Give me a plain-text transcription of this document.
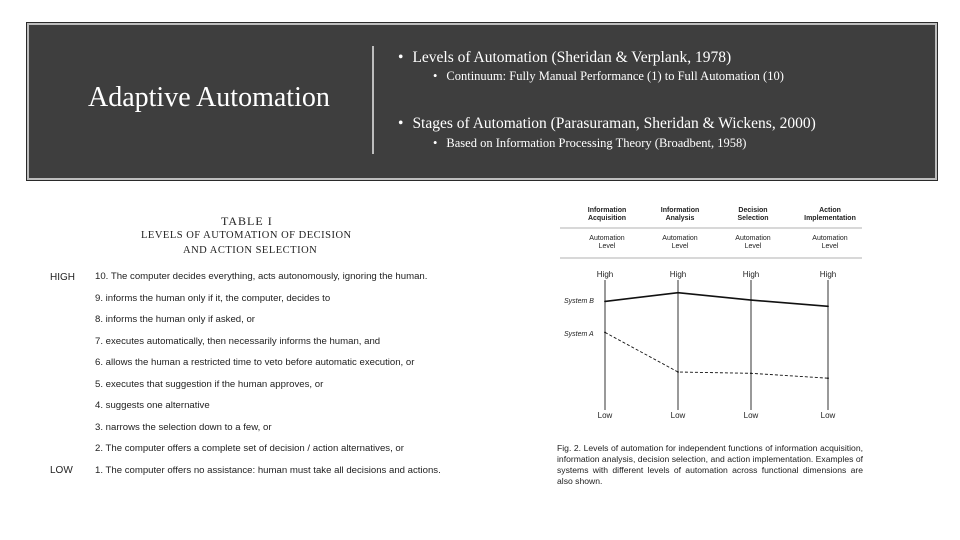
Adaptive Automation
• Levels of Automation (Sheridan & Verplank, 1978)
• Continuum: Fully Manual Performance (1) to Full Automation (10)
• Stages of Automation (Parasuraman, Sheridan & Wickens, 2000)
• Based on Information Processing Theory (Broadbent, 1958)
TABLE I
LEVELS OF AUTOMATION OF DECISION
AND ACTION SELECTION
HIGH
LOW
10. The computer decides everything, acts autonomously, ignoring the human.
9. informs the human only if it, the computer, decides to
8. informs the human only if asked, or
7. executes automatically, then necessarily informs the human, and
6. allows the human a restricted time to veto before automatic execution, or
5. executes that suggestion if the human approves, or
4. suggests one alternative
3. narrows the selection down to a few, or
2. The computer offers a complete set of decision / action alternatives, or
1. The computer offers no assistance: human must take all decisions and actions.
Information
Acquisition
Automation
Level
High
Low
Information
Analysis
Automation
Level
High
Low
Decision
Selection
Automation
Level
High
Low
Action
Implementation
Automation
Level
High
Low
System B
System A
Fig. 2. Levels of automation for independent functions of information acquisition, information analysis, decision selection, and action implementation. Examples of systems with different levels of automation across functional dimensions are also shown.
